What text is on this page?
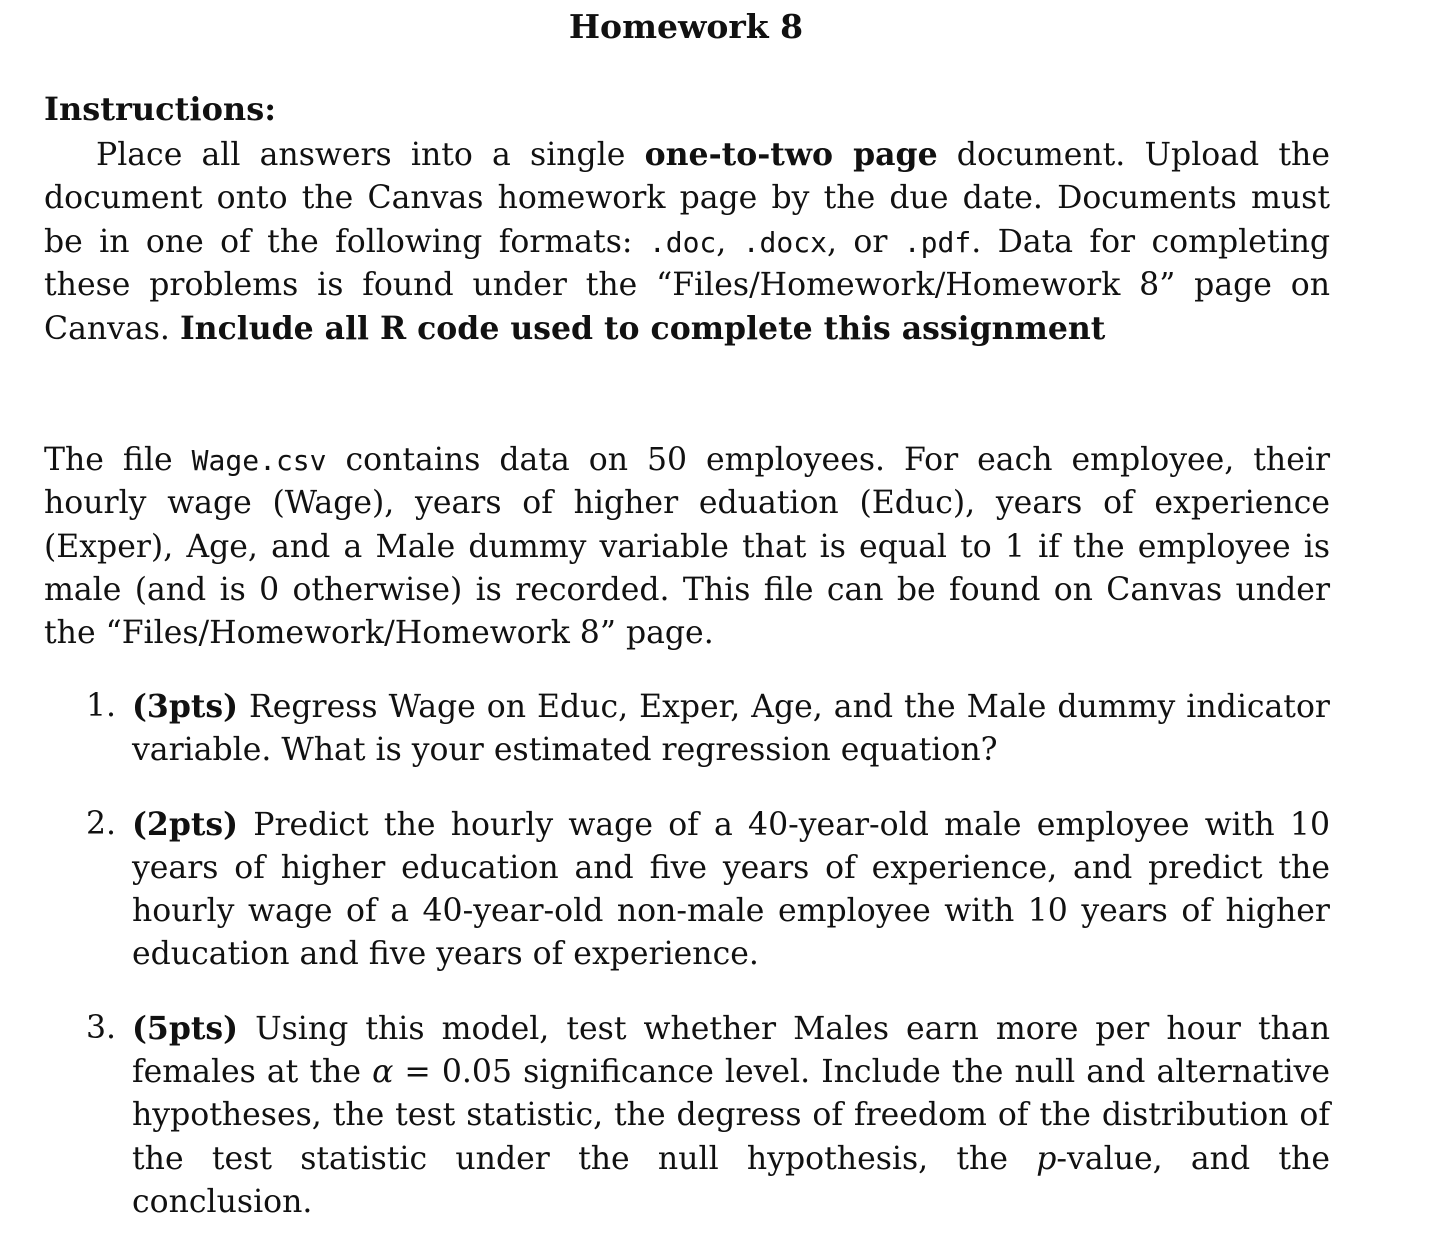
Homework 8
Instructions:

Place all answers into a single one-to-two page document. Upload the document onto the Canvas homework page by the due date. Documents must be in one of the following formats: .doc, .docx, or .pdf. Data for completing these problems is found under the “Files/Homework/Homework 8” page on Canvas. Include all R code used to complete this assignment

The file Wage.csv contains data on 50 employees. For each employee, their hourly wage (Wage), years of higher eduation (Educ), years of experience (Exper), Age, and a Male dummy variable that is equal to 1 if the employee is male (and is 0 otherwise) is recorded. This file can be found on Canvas under the “Files/Homework/Homework 8” page.

1. (3pts) Regress Wage on Educ, Exper, Age, and the Male dummy indicator variable. What is your estimated regression equation?
2. (2pts) Predict the hourly wage of a 40-year-old male employee with 10 years of higher education and five years of experience, and predict the hourly wage of a 40-year-old non-male employee with 10 years of higher education and five years of experience.
3. (5pts) Using this model, test whether Males earn more per hour than females at the α = 0.05 significance level. Include the null and alternative hypotheses, the test statistic, the degress of freedom of the distribution of the test statistic under the null hypothesis, the p-value, and the conclusion.
